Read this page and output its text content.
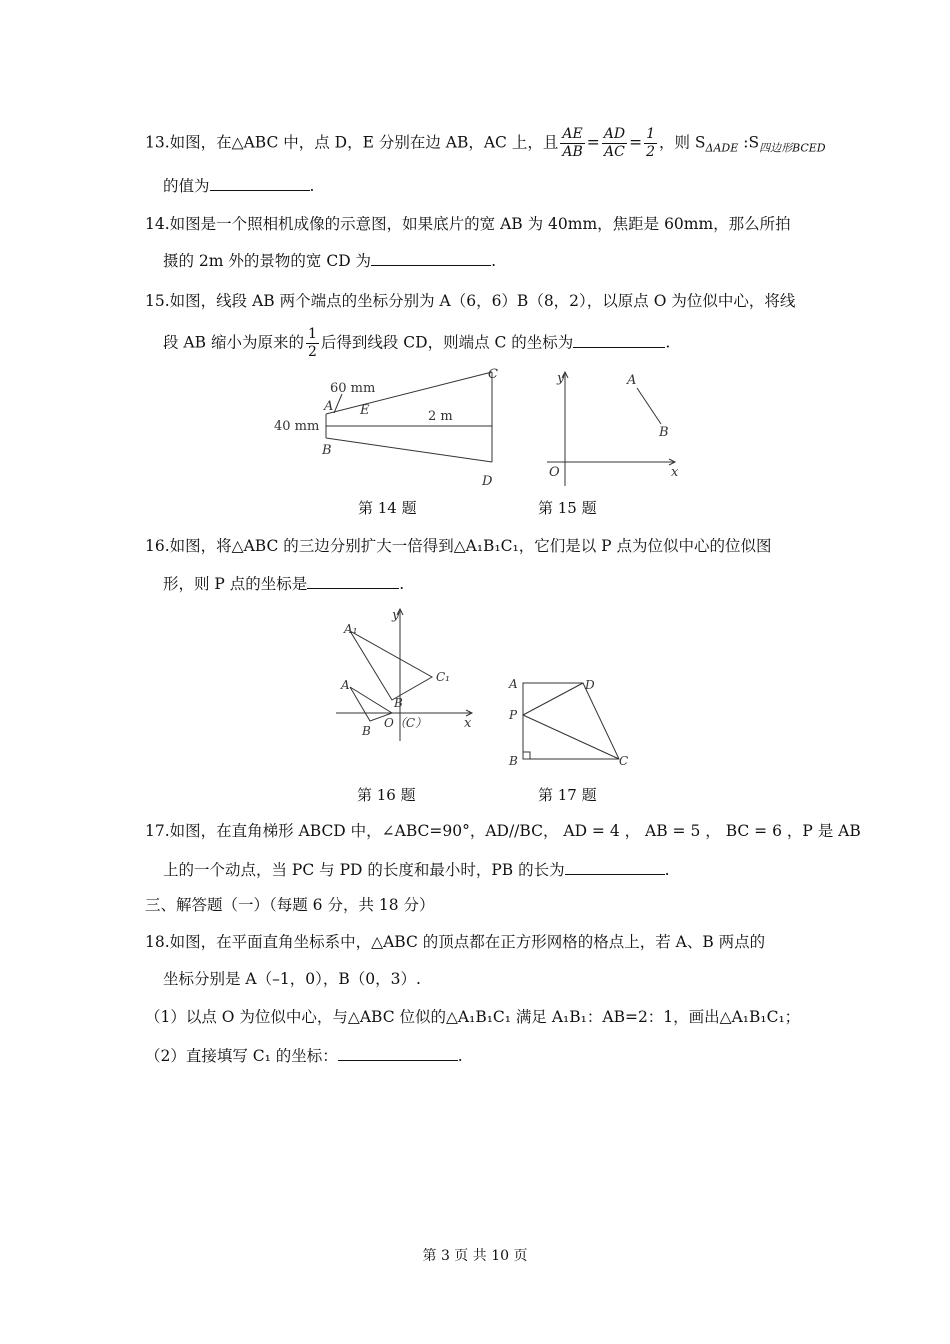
13.如图，在△ABC 中，点 D，E 分别在边 AB，AC 上，且 $\frac{AE}{AB} = \frac{AD}{AC} = \frac{1}{2}$ ，则 $S_{\Delta ADE}$ $:S_{四边形BCED}$
的值为	.
14.如图是一个照相机成像的示意图，如果底片的宽 AB 为 40mm，焦距是 60mm，那么所拍
摄的 2m 外的景物的宽 CD 为	.
15.如图，线段 AB 两个端点的坐标分别为 A（6，6）B（8，2），以原点 O 为位似中心，将线
段 AB 缩小为原来的 $\frac{1}{2}$ 后得到线段 CD，则端点 C 的坐标为	.
60 mm
40 mm
2 m
A
B
E
C
D
第 14 题
y
x
O
A
B
第 15 题
16.如图，将△ABC 的三边分别扩大一倍得到△A₁B₁C₁，它们是以 P 点为位似中心的位似图
形，则 P 点的坐标是	.
y
x
A₁
C₁
A
B
B
O（C）
第 16 题
A	D
P
B	C
第 17 题
17.如图，在直角梯形 ABCD 中，∠ABC=90°，AD//BC， AD = 4 ， AB = 5 ， BC = 6 ，P 是 AB
上的一个动点，当 PC 与 PD 的长度和最小时，PB 的长为	.
三、解答题（一）（每题 6 分，共 18 分）
18.如图，在平面直角坐标系中，△ABC 的顶点都在正方形网格的格点上，若 A、B 两点的
坐标分别是 A（–1，0），B（0，3）.
（1）以点 O 为位似中心，与△ABC 位似的△A₁B₁C₁ 满足 A₁B₁：AB=2：1，画出△A₁B₁C₁；
（2）直接填写 C₁ 的坐标：	.
第 3 页 共 10 页
